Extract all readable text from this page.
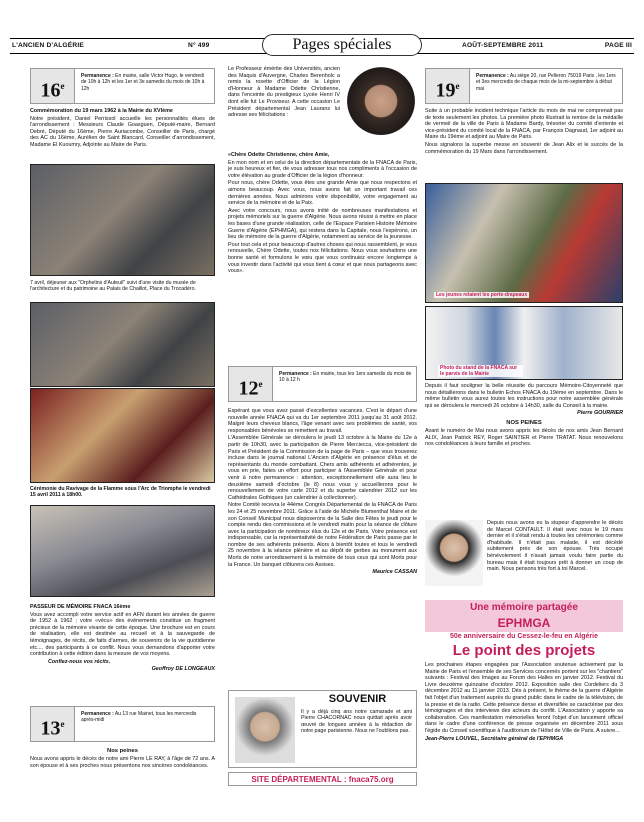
L'ANCIEN D'ALGÉRIE	N° 499	AOÛT-SEPTEMBRE 2011	PAGE III
Pages spéciales
16e
Permanence : En mairie, salle Victor Hugo, le vendredi de 10h à 12h et les 1er et 3e samedis du mois de 10h à 12h

Commémoration du 19 mars 1962 à la Mairie du XVIème

Notre président, Daniel Perrissol accueille les personnalités élues de l'arrondissement : Messieurs Claude Goasguen, Député-maire, Bernard Debré, Député du 16ème, Pierre Auriacombe, Conseiller de Paris, chargé des AC du 16ème, Aurélien de Saint Blancard, Conseiller d'arrondissement, Madame El Kuoumry, Adjointe au Maire de Paris.

7 avril, déjeuner aux "Orphelins d'Auteuil" suivi d'une visite du musée de l'architecture et du patrimoine au Palais de Chaillot, Place du Trocadéro.
Cérémonie du Ravivage de la Flamme sous l'Arc de Triomphe le vendredi 15 avril 2011 à 18h00.

PASSEUR DE MÉMOIRE FNACA 16ème

Vous avez accompli votre service actif en AFN durant les années de guerre de 1952 à 1962 ; votre «vécu» des événements constitue un fragment précieux de la mémoire vivante de cette époque. Une brochure est en cours de réalisation, elle est destinée au recueil et à la sauvegarde de témoignages, de récits, de faits d'armes, de souvenirs de la vie quotidienne etc.... des participants à ce conflit. Nous vous demandons d'apporter votre contribution à cette édition dans la mesure de vos moyens.

Confiez-nous vos récits.

Geoffroy DE LONGEAUX
13e
Permanence : Au 13 rue Mainet, tous les mercredis après-midi

Nos peines

Nous avons appris le décès de notre ami Pierre LE RAY, à l'âge de 72 ans. A son épouse et à ses proches nous présentons nos sincères condoléances.

Le Professeur émérite des Universités, ancien des Maquis d'Auvergne, Charles Berenholc a remis la rosette d'Officier de la Légion d'Honneur à Madame Odette Christienne, dans l'enceinte du prestigieux Lycée Henri IV dont elle fut Le Proviseur. A cette occasion Le Président départemental Jean Laurans lui adresse ses félicitations :

«Chère Odette Christienne, chère Amie,

En mon nom et en celui de la direction départementale de la FNACA de Paris, je suis heureux et fier, de vous adresser tous nos compliments à l'occasion de votre élévation au grade d'Officier de la légion d'honneur.

Pour nous, chère Odette, vous êtes une grande Amie que nous respectons et aimons beaucoup. Avec vous, nous avons fait un important travail ces dernières années. Nous admirons votre disponibilité, votre engagement au service de la mémoire et de la Paix.

Avec votre concours, nous avons initié de nombreuses manifestations et projets mémoriels sur la guerre d'Algérie. Nous avons réussi à mettre en place les bases d'une grande réalisation, celle de l'Espace Parisien Histoire Mémoire Guerre d'Algérie (EPHMGA), qui restera dans la Capitale, nous l'espérons, un lieu de mémoire de la guerre d'Algérie, notamment au service de la jeunesse.

Pour tout cela et pour beaucoup d'autres choses qui nous rassemblent, je vous renouvelle, Chère Odette, toutes nos félicitations. Nous vous souhaitons une bonne santé et formulons le vœu que vous continuiez encore longtemps à vous investir dans l'activité qui vous tient à cœur et que nous partageons avec vous».

12e
Permanence : En mairie, tous les 1ers samedis du mois de 10 à 12 h

Espérant que vous avez passé d'excellentes vacances. C'est le départ d'une nouvelle année FNACA qui va du 1er septembre 2011 jusqu'au 31 août 2012. Malgré leurs cheveux blancs, l'âge venant avec ses problèmes de santé, vos responsables bénévoles se remettent au travail.

L'Assemblée Générale se déroulera le jeudi 13 octobre à la Mairie du 12e à partir de 10h30, avec la participation de Pierre Merciecca, vice-président de Paris et Président de la Commission de la page de Paris – que vous trouverez incluse dans le journal national L'Ancien d'Algérie en présence d'élus et de représentants du monde combattant. Chers amis adhérents et adhérentes, je vous en prie, faites un effort pour participer à l'Assemblée Générale et pour venir à notre permanence : attention, exceptionnellement elle aura lieu le deuxième samedi d'octobre (le 8) nous vous y accueillerons pour le renouvellement de votre carte 2012 et du superbe calendrier 2012 sur les Cathédrales Gothiques (un calendrier à collectionner).

Notre Comité recevra le 44ème Congrès Départemental de la FNACA de Paris les 24 et 25 novembre 2011. Grâce à l'aide de Michèle Blumenthal Maire et de son Conseil Municipal nous disposerons de la Salle des Fêtes le jeudi pour le compte rendu des commissions et le vendredi matin pour la séance de clôture avec la participation de nombreux élus du 12e et de Paris. Votre présence est indispensable, car la représentativité de notre Fédération de Paris passe par le nombre de ses adhérents présents. Alors à bientôt toutes et tous le vendredi 25 novembre à la séance plénière et au dépôt de gerbes au monument aux Morts de notre arrondissement à la mémoire de tous ceux qui sont Morts pour la France. Un banquet clôturera ces Assises.

Maurice CASSAN
SOUVENIR
Il y a déjà cinq ans notre camarade et ami Pierre CHACORNAC nous quittait après avoir œuvré de longues années à la rédaction de notre page parisienne. Nous ne l'oublions pas.
SITE DÉPARTEMENTAL : fnaca75.org
19e
Permanence : Au siège 20, rue Pelleron 75019 Paris , les 1ers et 3es mercredis de chaque mois de la mi-septembre à début mai

Suite à un probable incident technique l'article du mois de mai ne comprenait pas de texte seulement les photos. La première photo illustrait la remise de la médaille de vermeil de la ville de Paris à Madame Bardy, trésorier du comité d'entente et vice-président du comité local de la FNACA, par François Dagnaud, 1er adjoint au Maire du 19ème et adjoint au Maire de Paris.

Nous signalons la superbe messe en souvenir de Jean Alix et le succès de la commémoration du 19 Mars dans l'arrondissement.

Les jeunes relaient les porte-drapeaux
Photo du stand de la FNACA sur le parvis de la Mairie

Depuis il faut souligner la belle réussite du parcours Mémoire-Citoyenneté que nous détaillerons dans le bulletin Echos FNACA du 19ème en septembre. Dans le même bulletin vous aurez toutes les instructions pour notre assemblée générale qui se déroulera le mercredi 26 octobre à 14h30, salle du Conseil à la mairie.

Pierre GOURRIER

NOS PEINES

Avant le numéro de Mai nous avons appris les décès de nos amis Jean Bernard ALIX, Jean Patrick REY, Roger SAINTIER et Pierre TRATAT. Nous renouvelons nos condoléances à leurs famille et proches.

Depuis nous avons eu la stupeur d'apprendre le décès de Marcel CONTAULT. Il était avec nous le 19 mars dernier et il s'était rendu à toutes les cérémonies comme d'habitude. Il n'était pas malade, il est décédé subitement près de son épouse. Très occupé bénévolement il n'avait jamais voulu faire partie du bureau mais il était toujours prêt à donner un coup de main. Nous pensons très fort à toi Marcel.

Une mémoire partagée
EPHMGA
50e anniversaire du Cessez-le-feu en Algérie
Le point des projets

Les prochaines étapes engagées par l'Association soutenue activement par la Mairie de Paris et l'ensemble de ses Services concernés portent sur les "chantiers" suivants : Festival des Images au Forum des Halles en janvier 2012. Festival du Livre deuxième quinzaine d'octobre 2012. Exposition salle des Cordeliers du 3 décembre 2012 au 11 janvier 2013. Dès à présent, le thème de la guerre d'Algérie fait l'objet d'un traitement auprès du grand public dans le cadre de la télévision, de la presse et de la radio. Cette présence dense et diversifiée se caractérise par des témoignages et des interviews des acteurs du conflit. L'Association y apporte sa collaboration. Ces manifestation mémorielles feront l'objet d'un lancement officiel dans le cadre d'une conférence de presse organisée en décembre 2011 sous l'égide du Conseil scientifique à l'auditorium de l'Hôtel de Ville de Paris. A suivre...

Jean-Pierre LOUVEL, Secrétaire général de l'EPHMGA
